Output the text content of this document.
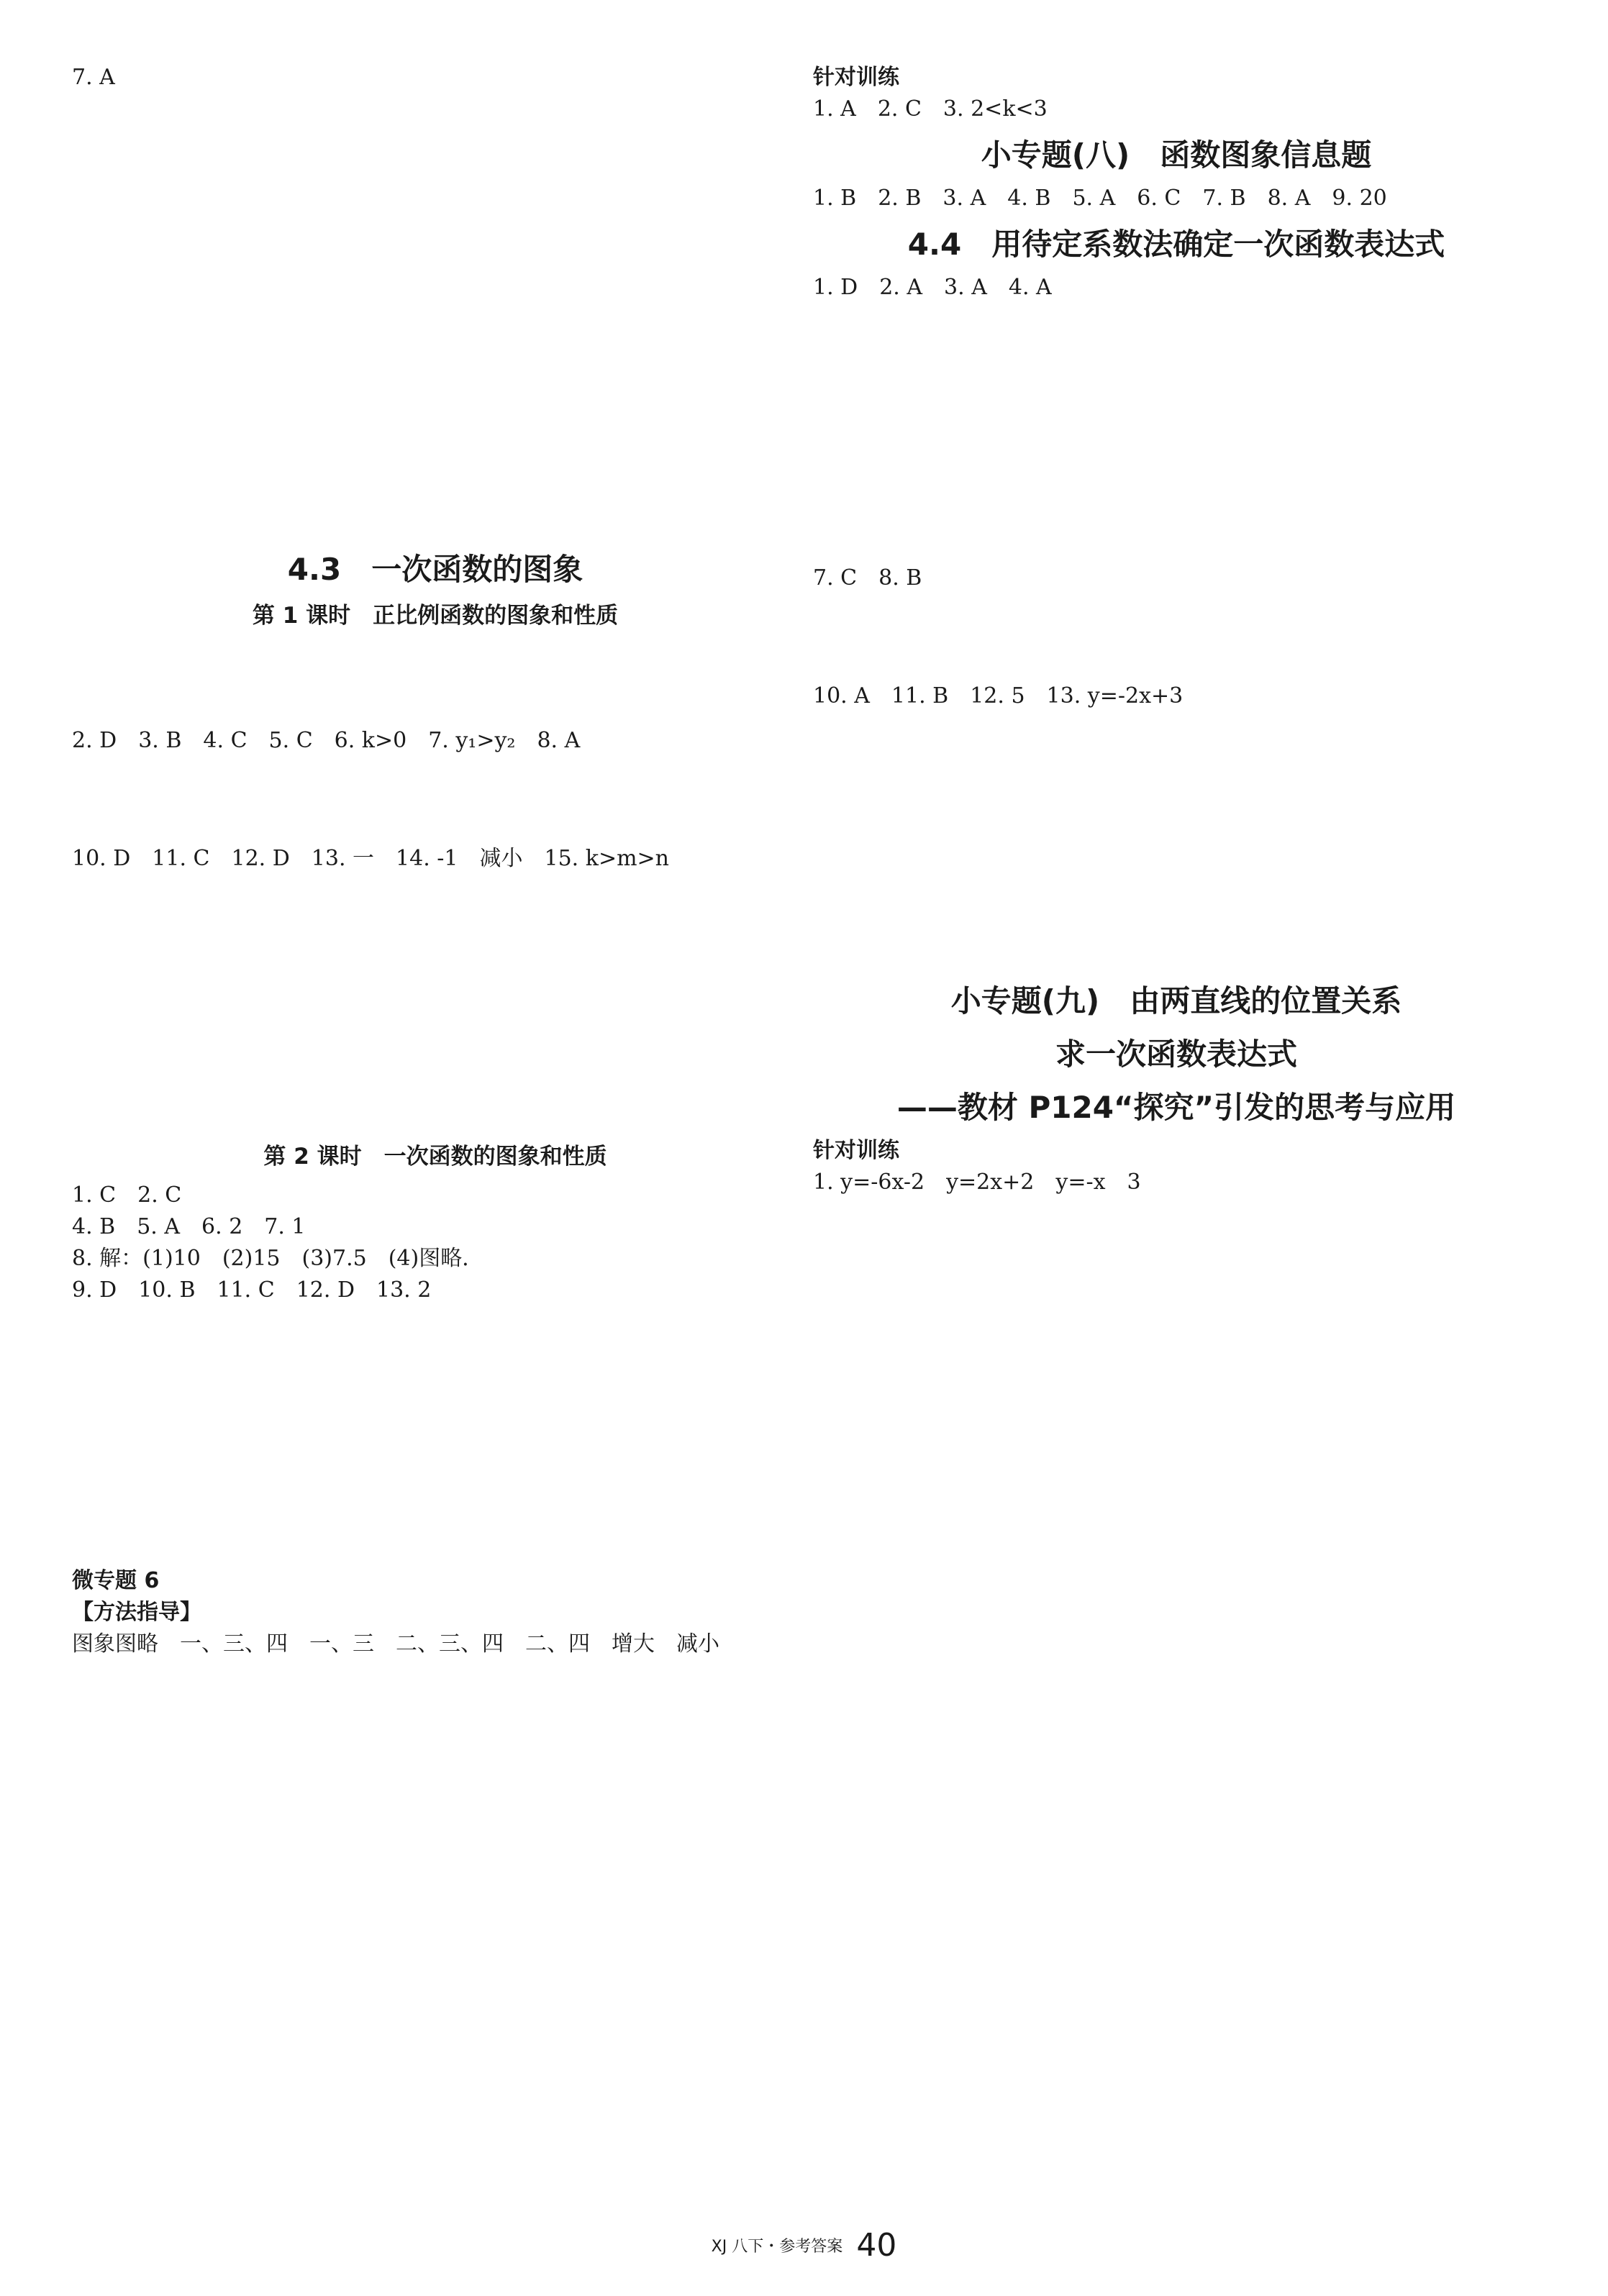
7. A
4.3　一次函数的图象
第 1 课时　正比例函数的图象和性质
2. D　3. B　4. C　5. C　6. k>0　7. y₁>y₂　8. A
10. D　11. C　12. D　13. 一　14. -1　减小　15. k>m>n
第 2 课时　一次函数的图象和性质
1. C　2. C
4. B　5. A　6. 2　7. 1
8. 解：(1)10　(2)15　(3)7.5　(4)图略．
9. D　10. B　11. C　12. D　13. 2
微专题 6
【方法指导】
图象图略　一、三、四　一、三　二、三、四　二、四　增大　减小
针对训练
1. A　2. C　3. 2<k<3
小专题(八)　函数图象信息题
1. B　2. B　3. A　4. B　5. A　6. C　7. B　8. A　9. 20
4.4　用待定系数法确定一次函数表达式
1. D　2. A　3. A　4. A
7. C　8. B
10. A　11. B　12. 5　13. y=-2x+3
小专题(九)　由两直线的位置关系
求一次函数表达式
——教材 P124“探究”引发的思考与应用
针对训练
1. y=-6x-2　y=2x+2　y=-x　3
XJ 八下・参考答案 40
